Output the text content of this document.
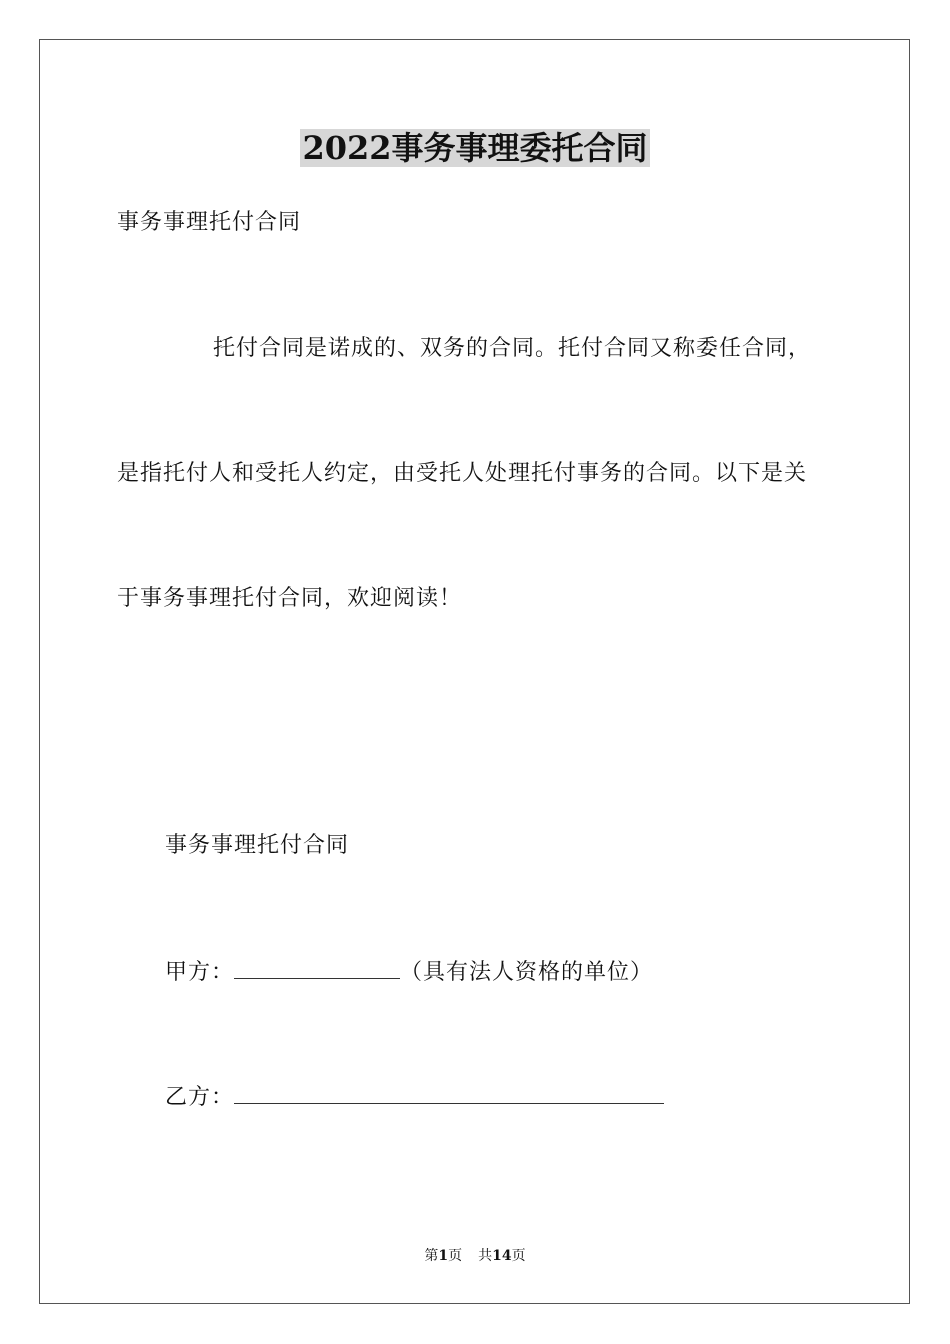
2022事务事理委托合同
事务事理托付合同
托付合同是诺成的、双务的合同。托付合同又称委任合同，
是指托付人和受托人约定，由受托人处理托付事务的合同。以下是关
于事务事理托付合同，欢迎阅读！
事务事理托付合同
甲方：	（具有法人资格的单位）
乙方：
第1页 共14页
